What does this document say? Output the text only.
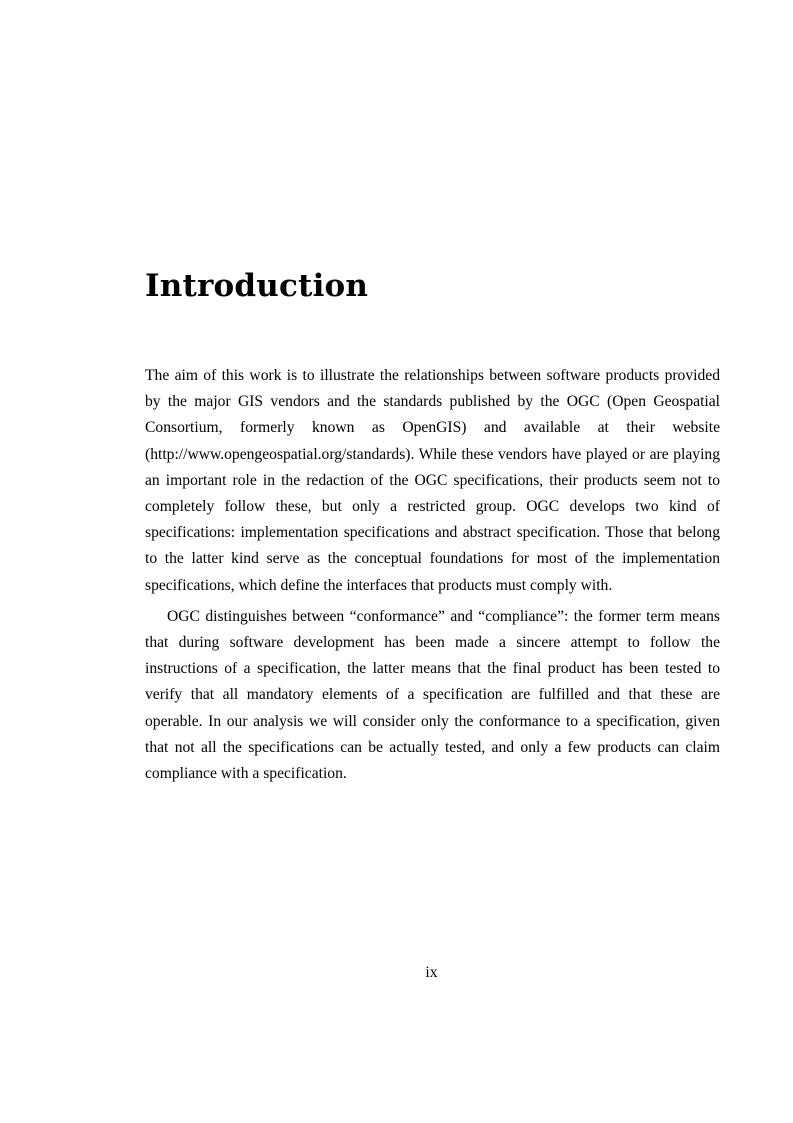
Introduction

The aim of this work is to illustrate the relationships between software products provided by the major GIS vendors and the standards published by the OGC (Open Geospatial Consortium, formerly known as OpenGIS) and available at their website (http://www.opengeospatial.org/standards). While these vendors have played or are playing an important role in the redaction of the OGC specifications, their products seem not to completely follow these, but only a restricted group. OGC develops two kind of specifications: implementation specifications and abstract specification. Those that belong to the latter kind serve as the conceptual foundations for most of the implementation specifications, which define the interfaces that products must comply with.

OGC distinguishes between “conformance” and “compliance”: the former term means that during software development has been made a sincere attempt to follow the instructions of a specification, the latter means that the final product has been tested to verify that all mandatory elements of a specification are fulfilled and that these are operable. In our analysis we will consider only the conformance to a specification, given that not all the specifications can be actually tested, and only a few products can claim compliance with a specification.

ix
